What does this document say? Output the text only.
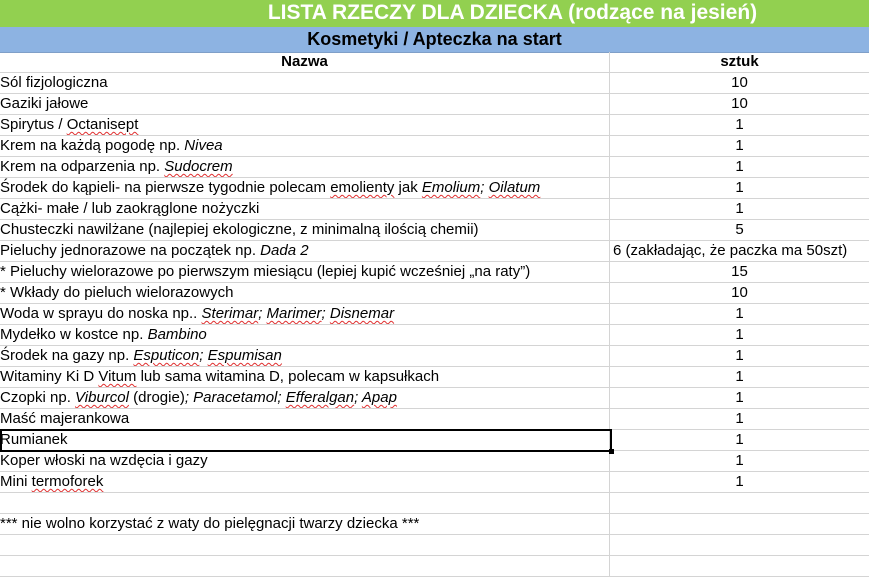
LISTA RZECZY DLA DZIECKA (rodzące na jesień)
Kosmetyki / Apteczka na start
Nazwa	sztuk
Sól fizjologiczna	10
Gaziki jałowe	10
Spirytus / Octanisept	1
Krem na każdą pogodę np. Nivea	1
Krem na odparzenia np. Sudocrem	1
Środek do kąpieli- na pierwsze tygodnie polecam emolienty jak Emolium; Oilatum	1
Cążki- małe / lub zaokrąglone nożyczki	1
Chusteczki nawilżane (najlepiej ekologiczne, z minimalną ilością chemii)	5
Pieluchy jednorazowe na początek np. Dada 2	6 (zakładając, że paczka ma 50szt)
* Pieluchy wielorazowe po pierwszym miesiącu (lepiej kupić wcześniej „na raty”)	15
* Wkłady do pieluch wielorazowych	10
Woda w sprayu do noska np.. Sterimar; Marimer; Disnemar	1
Mydełko w kostce np. Bambino	1
Środek na gazy np. Esputicon; Espumisan	1
Witaminy Ki D Vitum lub sama witamina D, polecam w kapsułkach	1
Czopki np. Viburcol (drogie); Paracetamol; Efferalgan; Apap	1
Maść majerankowa	1
Rumianek	1
Koper włoski na wzdęcia i gazy	1
Mini termoforek	1
*** nie wolno korzystać z waty do pielęgnacji twarzy dziecka ***
